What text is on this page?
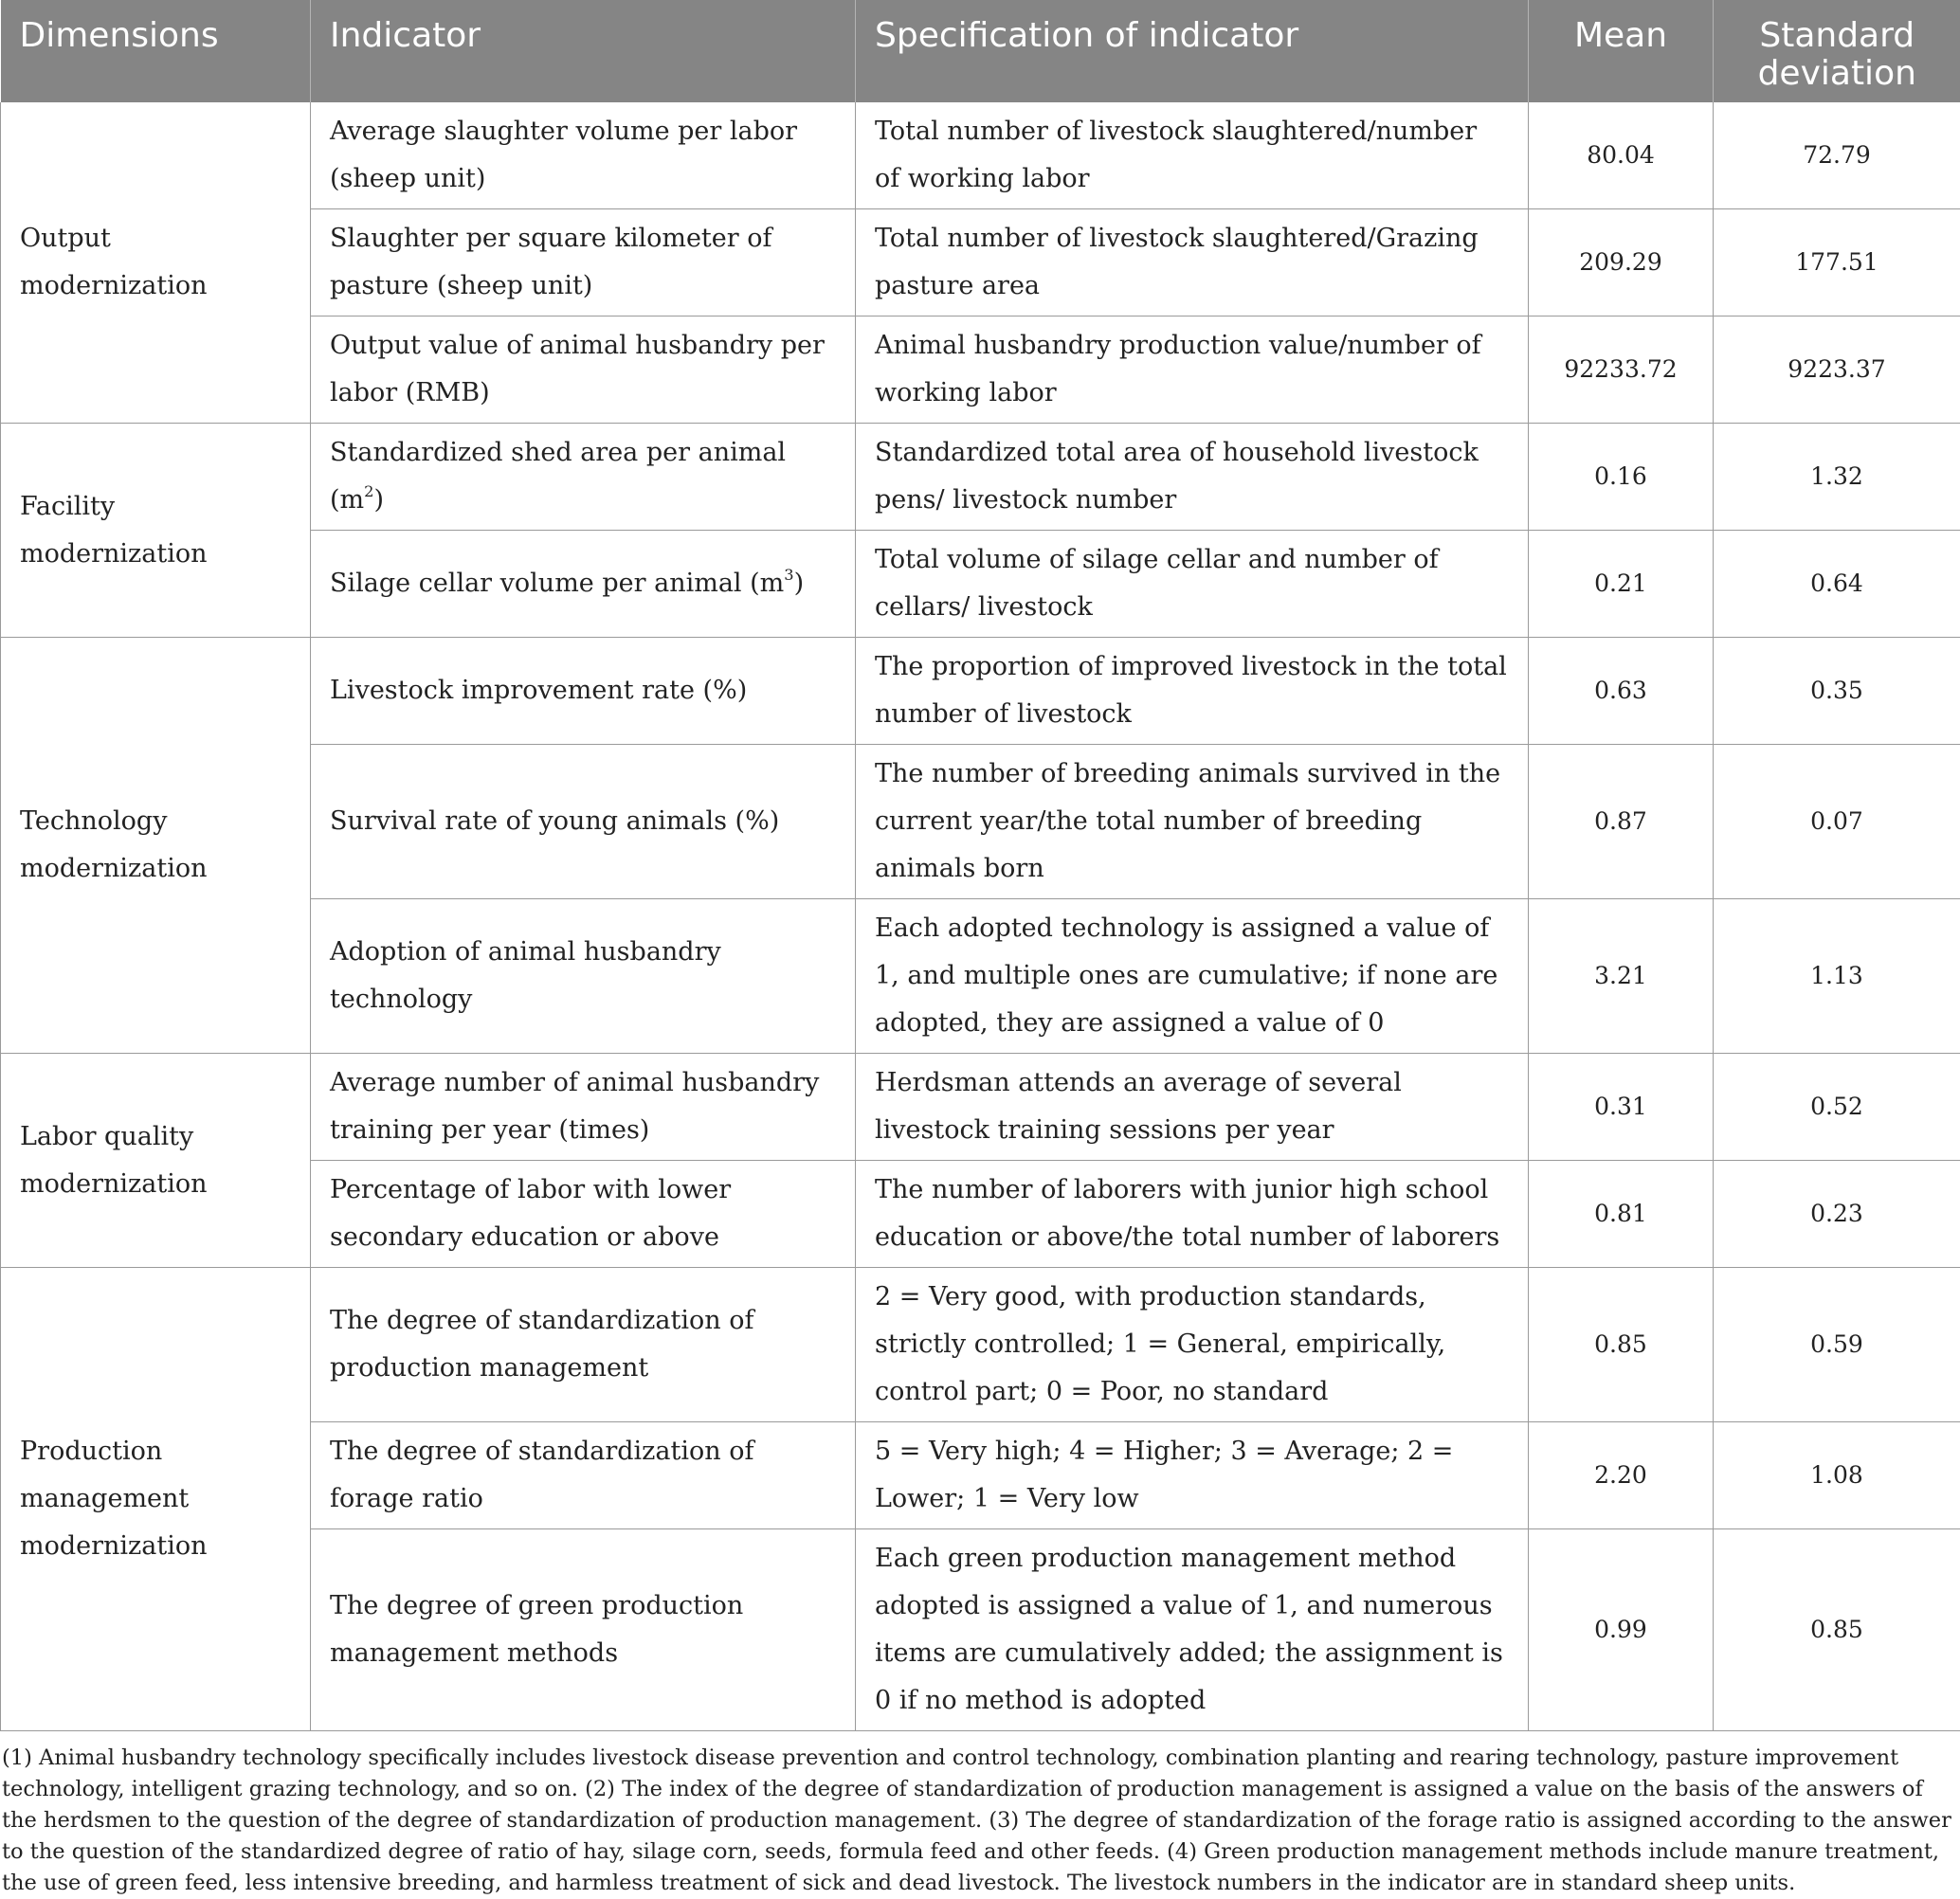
Dimensions	Indicator	Specification of indicator	Mean	Standard
deviation
Output modernization	Average slaughter volume per labor (sheep unit)	Total number of livestock slaughtered/number of working labor	80.04	72.79
	Slaughter per square kilometer of pasture (sheep unit)	Total number of livestock slaughtered/Grazing pasture area	209.29	177.51
	Output value of animal husbandry per labor (RMB)	Animal husbandry production value/number of working labor	92233.72	9223.37
Facility modernization	Standardized shed area per animal $(m^2)$	Standardized total area of household livestock pens/ livestock number	0.16	1.32
	Silage cellar volume per animal $(m^3)$	Total volume of silage cellar and number of cellars/ livestock	0.21	0.64
Technology modernization	Livestock improvement rate (%)	The proportion of improved livestock in the total number of livestock	0.63	0.35
	Survival rate of young animals (%)	The number of breeding animals survived in the current year/the total number of breeding animals born	0.87	0.07
	Adoption of animal husbandry technology	Each adopted technology is assigned a value of 1, and multiple ones are cumulative; if none are adopted, they are assigned a value of 0	3.21	1.13
Labor quality modernization	Average number of animal husbandry training per year (times)	Herdsman attends an average of several livestock training sessions per year	0.31	0.52
	Percentage of labor with lower secondary education or above	The number of laborers with junior high school education or above/the total number of laborers	0.81	0.23
Production management modernization	The degree of standardization of production management	2 = Very good, with production standards, strictly controlled; 1 = General, empirically, control part; 0 = Poor, no standard	0.85	0.59
	The degree of standardization of forage ratio	5 = Very high; 4 = Higher; 3 = Average; 2 = Lower; 1 = Very low	2.20	1.08
	The degree of green production management methods	Each green production management method adopted is assigned a value of 1, and numerous items are cumulatively added; the assignment is 0 if no method is adopted	0.99	0.85
(1) Animal husbandry technology specifically includes livestock disease prevention and control technology, combination planting and rearing technology, pasture improvement technology, intelligent grazing technology, and so on. (2) The index of the degree of standardization of production management is assigned a value on the basis of the answers of the herdsmen to the question of the degree of standardization of production management. (3) The degree of standardization of the forage ratio is assigned according to the answer to the question of the standardized degree of ratio of hay, silage corn, seeds, formula feed and other feeds. (4) Green production management methods include manure treatment, the use of green feed, less intensive breeding, and harmless treatment of sick and dead livestock. The livestock numbers in the indicator are in standard sheep units.
